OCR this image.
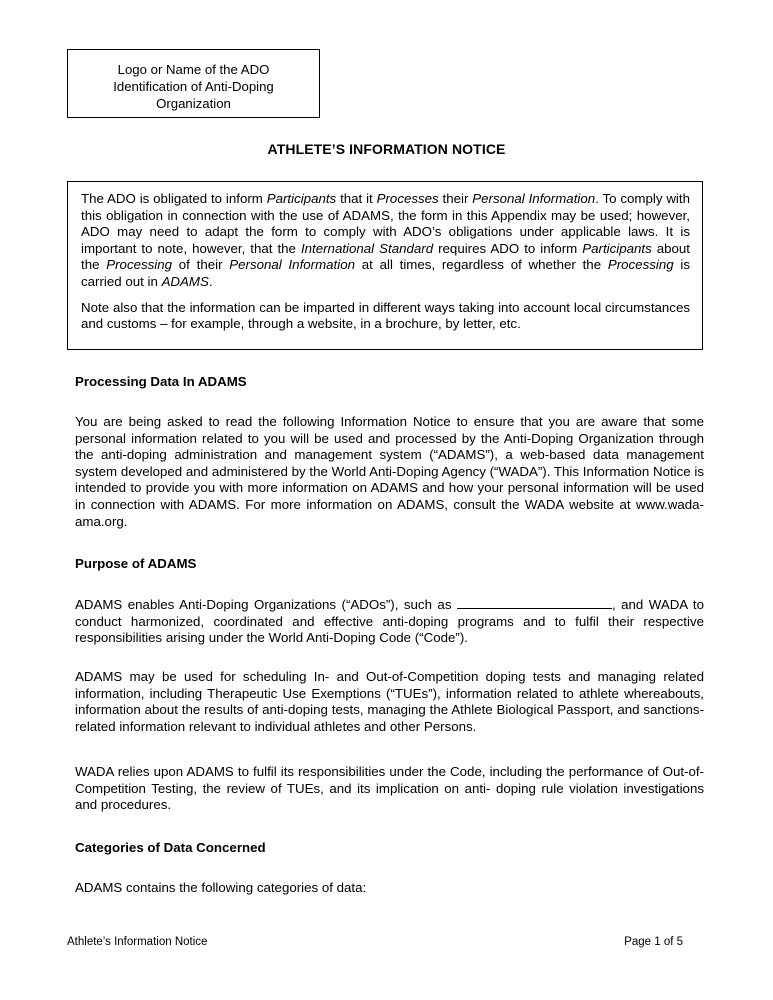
Logo or Name of the ADO
Identification of Anti-Doping
Organization
ATHLETE’S INFORMATION NOTICE

The ADO is obligated to inform Participants that it Processes their Personal Information. To comply with this obligation in connection with the use of ADAMS, the form in this Appendix may be used; however, ADO may need to adapt the form to comply with ADO’s obligations under applicable laws. It is important to note, however, that the International Standard requires ADO to inform Participants about the Processing of their Personal Information at all times, regardless of whether the Processing is carried out in ADAMS.

Note also that the information can be imparted in different ways taking into account local circumstances and customs – for example, through a website, in a brochure, by letter, etc.

Processing Data In ADAMS

You are being asked to read the following Information Notice to ensure that you are aware that some personal information related to you will be used and processed by the Anti-Doping Organization through the anti-doping administration and management system (“ADAMS”), a web-based data management system developed and administered by the World Anti-Doping Agency (“WADA”). This Information Notice is intended to provide you with more information on ADAMS and how your personal information will be used in connection with ADAMS. For more information on ADAMS, consult the WADA website at www.wada-ama.org.

Purpose of ADAMS

ADAMS enables Anti-Doping Organizations (“ADOs”), such as	, and WADA to conduct harmonized, coordinated and effective anti-doping programs and to fulfil their respective responsibilities arising under the World Anti-Doping Code (“Code”).

ADAMS may be used for scheduling In- and Out-of-Competition doping tests and managing related information, including Therapeutic Use Exemptions (“TUEs”), information related to athlete whereabouts, information about the results of anti-doping tests, managing the Athlete Biological Passport, and sanctions-related information relevant to individual athletes and other Persons.

WADA relies upon ADAMS to fulfil its responsibilities under the Code, including the performance of Out-of-Competition Testing, the review of TUEs, and its implication on anti- doping rule violation investigations and procedures.

Categories of Data Concerned

ADAMS contains the following categories of data:

Athlete’s Information Notice	Page 1 of 5
